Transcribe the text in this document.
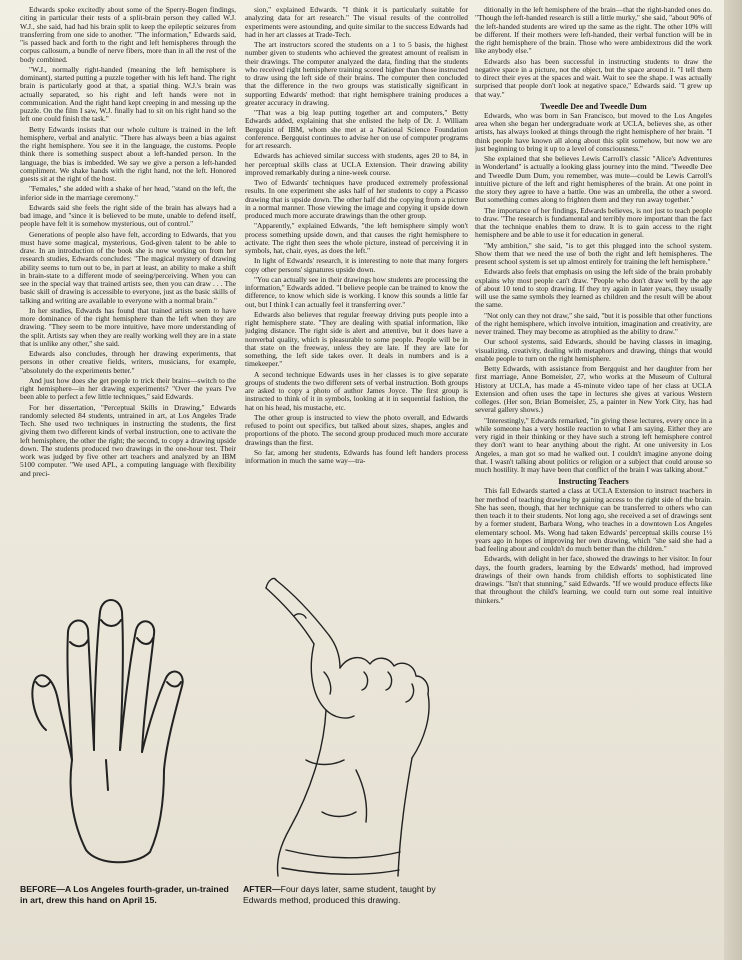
Edwards spoke excitedly about some of the Sperry-Bogen findings, citing in particular their tests of a split-brain person they called W.J. W.J., she said, had had his brain split to keep the epileptic seizures from transferring from one side to another. "The information," Edwards said, "is passed back and forth to the right and left hemispheres through the corpus callosum, a bundle of nerve fibers, more than in all the rest of the body combined.

"W.J., normally right-handed (meaning the left hemisphere is dominant), started putting a puzzle together with his left hand. The right brain is particularly good at that, a spatial thing. W.J.'s brain was actually separated, so his right and left hands were not in communication. And the right hand kept creeping in and messing up the puzzle. On the film I saw, W.J. finally had to sit on his right hand so the left one could finish the task."

Betty Edwards insists that our whole culture is trained in the left hemisphere, verbal and analytic. "There has always been a bias against the right hemisphere. You see it in the language, the customs. People think there is something suspect about a left-handed person. In the language, the bias is imbedded. We say we give a person a left-handed compliment. We shake hands with the right hand, not the left. Honored guests sit at the right of the host.

"Females," she added with a shake of her head, "stand on the left, the inferior side in the marriage ceremony."

Edwards said she feels the right side of the brain has always had a bad image, and "since it is believed to be mute, unable to defend itself, people have felt it is somehow mysterious, out of control."

Generations of people also have felt, according to Edwards, that you must have some magical, mysterious, God-given talent to be able to draw. In an introduction of the book she is now working on from her research studies, Edwards concludes: "The magical mystery of drawing ability seems to turn out to be, in part at least, an ability to make a shift in brain-state to a different mode of seeing/perceiving. When you can see in the special way that trained artists see, then you can draw . . . The basic skill of drawing is accessible to everyone, just as the basic skills of talking and writing are available to everyone with a normal brain."

In her studies, Edwards has found that trained artists seem to have more dominance of the right hemisphere than the left when they are drawing. "They seem to be more intuitive, have more understanding of the split. Artists say when they are really working well they are in a state that is unlike any other," she said.

Edwards also concludes, through her drawing experiments, that persons in other creative fields, writers, musicians, for example, "absolutely do the experiments better."

And just how does she get people to trick their brains—switch to the right hemisphere—in her drawing experiments? "Over the years I've been able to perfect a few little techniques," said Edwards.

For her dissertation, "Perceptual Skills in Drawing," Edwards randomly selected 84 students, untrained in art, at Los Angeles Trade Tech. She used two techniques in instructing the students, the first giving them two different kinds of verbal instruction, one to activate the left hemisphere, the other the right; the second, to copy a drawing upside down. The students produced two drawings in the one-hour test. Their work was judged by five other art teachers and analyzed by an IBM 5100 computer. "We used APL, a computing language with flexibility and preci-

sion," explained Edwards. "I think it is particularly suitable for analyzing data for art research." The visual results of the controlled experiments were astounding, and quite similar to the success Edwards had had in her art classes at Trade-Tech.

The art instructors scored the students on a 1 to 5 basis, the highest number given to students who achieved the greatest amount of realism in their drawings. The computer analyzed the data, finding that the students who received right hemisphere training scored higher than those instructed to draw using the left side of their brains. The computer then concluded that the difference in the two groups was statistically significant in supporting Edwards' method: that right hemisphere training produces a greater accuracy in drawing.

"That was a big leap putting together art and computers," Betty Edwards added, explaining that she enlisted the help of Dr. J. William Bergquist of IBM, whom she met at a National Science Foundation conference. Bergquist continues to advise her on use of computer programs for art research.

Edwards has achieved similar success with students, ages 20 to 84, in her perceptual skills class at UCLA Extension. Their drawing ability improved remarkably during a nine-week course.

Two of Edwards' techniques have produced extremely professional results. In one experiment she asks half of her students to copy a Picasso drawing that is upside down. The other half did the copying from a picture in a normal manner. Those viewing the image and copying it upside down produced much more accurate drawings than the other group.

"Apparently," explained Edwards, "the left hemisphere simply won't process something upside down, and that causes the right hemisphere to activate. The right then sees the whole picture, instead of perceiving it in symbols, hat, chair, eyes, as does the left."

In light of Edwards' research, it is interesting to note that many forgers copy other persons' signatures upside down.

"You can actually see in their drawings how students are processing the information," Edwards added. "I believe people can be trained to know the difference, to know which side is working. I know this sounds a little far out, but I think I can actually feel it transferring over."

Edwards also believes that regular freeway driving puts people into a right hemisphere state. "They are dealing with spatial information, like judging distance. The right side is alert and attentive, but it does have a nonverbal quality, which is pleasurable to some people. People will be in that state on the freeway, unless they are late. If they are late for something, the left side takes over. It deals in numbers and is a timekeeper."

A second technique Edwards uses in her classes is to give separate groups of students the two different sets of verbal instruction. Both groups are asked to copy a photo of author James Joyce. The first group is instructed to think of it in symbols, looking at it in sequential fashion, the hat on his head, his mustache, etc.

The other group is instructed to view the photo overall, and Edwards refused to point out specifics, but talked about sizes, shapes, angles and proportions of the photo. The second group produced much more accurate drawings than the first.

So far, among her students, Edwards has found left handers process information in much the same way—tra-

ditionally in the left hemisphere of the brain—that the right-handed ones do. "Though the left-handed research is still a little murky," she said, "about 90% of the left-handed students are wired up the same as the right. The other 10% will be different. If their mothers were left-handed, their verbal function will be in the right hemisphere of the brain. Those who were ambidextrous did the work like anybody else."

Edwards also has been successful in instructing students to draw the negative space in a picture, not the object, but the space around it. "I tell them to direct their eyes at the spaces and wait. Wait to see the shape. I was actually surprised that people don't look at negative space," Edwards said. "I grew up that way."

Tweedle Dee and Tweedle Dum

Edwards, who was born in San Francisco, but moved to the Los Angeles area when she began her undergraduate work at UCLA, believes she, as other artists, has always looked at things through the right hemisphere of her brain. "I think people have known all along about this split somehow, but now we are just beginning to bring it up to a level of consciousness."

She explained that she believes Lewis Carroll's classic "Alice's Adventures in Wonderland" is actually a looking glass journey into the mind. "Tweedle Dee and Tweedle Dum Dum, you remember, was mute—could be Lewis Carroll's intuitive picture of the left and right hemispheres of the brain. At one point in the story they agree to have a battle. One was an umbrella, the other a sword. But something comes along to frighten them and they run away together."

The importance of her findings, Edwards believes, is not just to teach people to draw. "The research is fundamental and terribly more important than the fact that the technique enables them to draw. It is to gain access to the right hemisphere and be able to use it for education in general.

"My ambition," she said, "is to get this plugged into the school system. Show them that we need the use of both the right and left hemispheres. The present school system is set up almost entirely for training the left hemisphere."

Edwards also feels that emphasis on using the left side of the brain probably explains why most people can't draw. "People who don't draw well by the age of about 10 tend to stop drawing. If they try again in later years, they usually will use the same symbols they learned as children and the result will be about the same.

"Not only can they not draw," she said, "but it is possible that other functions of the right hemisphere, which involve intuition, imagination and creativity, are never trained. They may become as atrophied as the ability to draw."

Our school systems, said Edwards, should be having classes in imaging, visualizing, creativity, dealing with metaphors and drawing, things that would enable people to turn on the right hemisphere.

Betty Edwards, with assistance from Bergquist and her daughter from her first marriage, Anne Bomeisler, 27, who works at the Museum of Cultural History at UCLA, has made a 45-minute video tape of her class at UCLA Extension and often uses the tape in lectures she gives at various Western colleges. (Her son, Brian Bomeisler, 25, a painter in New York City, has had several gallery shows.)

"Interestingly," Edwards remarked, "in giving these lectures, every once in a while someone has a very hostile reaction to what I am saying. Either they are very rigid in their thinking or they have such a strong left hemisphere control they don't want to hear anything about the right. At one university in Los Angeles, a man got so mad he walked out. I couldn't imagine anyone doing that. I wasn't talking about politics or religion or a subject that could arouse so much hostility. It may have been that conflict of the brain I was talking about."

Instructing Teachers

This fall Edwards started a class at UCLA Extension to instruct teachers in her method of teaching drawing by gaining access to the right side of the brain. She has seen, though, that her technique can be transferred to others who can then teach it to their students. Not long ago, she received a set of drawings sent by a former student, Barbara Wong, who teaches in a downtown Los Angeles elementary school. Ms. Wong had taken Edwards' perceptual skills course 1½ years ago in hopes of improving her own drawing, which "she said she had a bad feeling about and couldn't do much better than the children."

Edwards, with delight in her face, showed the drawings to her visitor. In four days, the fourth graders, learning by the Edwards' method, had improved drawings of their own hands from childish efforts to sophisticated line drawings. "Isn't that stunning," said Edwards. "If we would produce effects like that throughout the child's learning, we could turn out some real intuitive thinkers."

BEFORE—A Los Angeles fourth-grader, un-trained in art, drew this hand on April 15.
AFTER—Four days later, same student, taught by Edwards method, produced this drawing.
